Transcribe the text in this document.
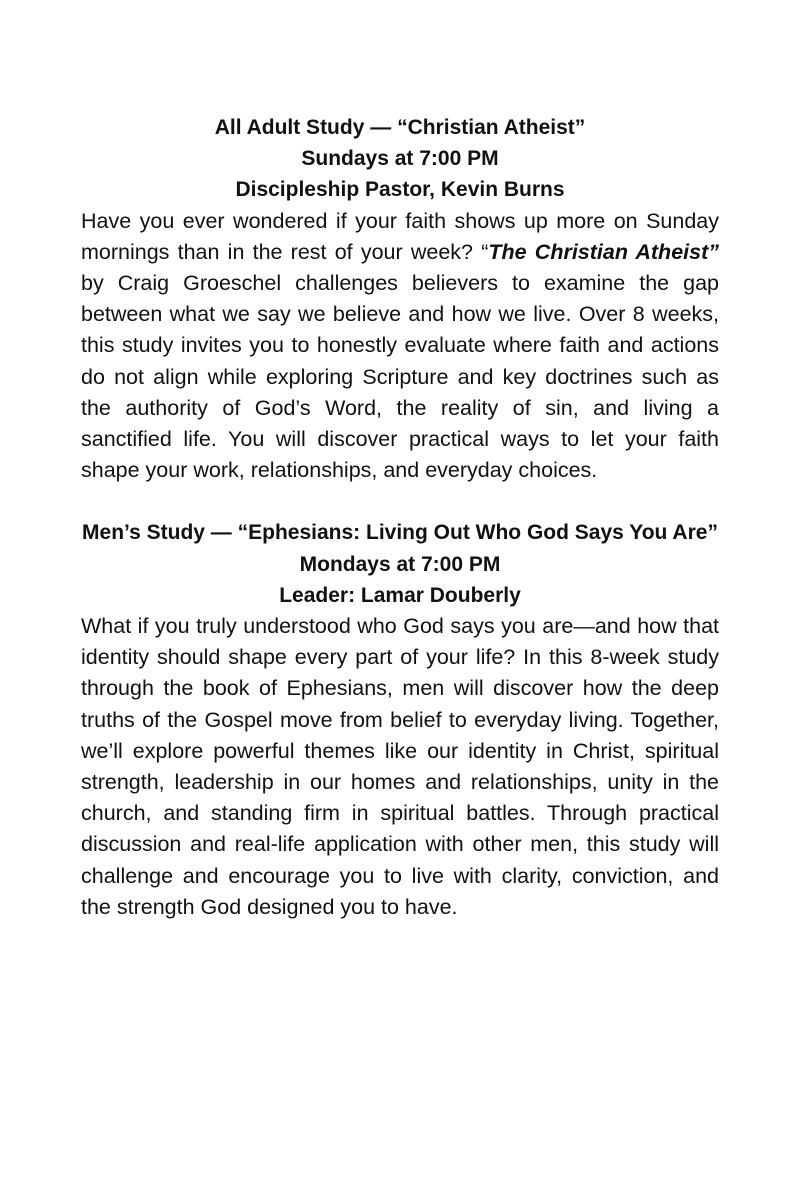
All Adult Study — “Christian Atheist”
Sundays at 7:00 PM
Discipleship Pastor, Kevin Burns

Have you ever wondered if your faith shows up more on Sunday mornings than in the rest of your week? “The Christian Atheist” by Craig Groeschel challenges believers to examine the gap between what we say we believe and how we live. Over 8 weeks, this study invites you to honestly evaluate where faith and actions do not align while exploring Scripture and key doctrines such as the authority of God’s Word, the reality of sin, and living a sanctified life. You will discover practical ways to let your faith shape your work, relationships, and everyday choices.

Men’s Study — “Ephesians: Living Out Who God Says You Are”
Mondays at 7:00 PM
Leader: Lamar Douberly

What if you truly understood who God says you are—and how that identity should shape every part of your life? In this 8-week study through the book of Ephesians, men will discover how the deep truths of the Gospel move from belief to everyday living. Together, we’ll explore powerful themes like our identity in Christ, spiritual strength, leadership in our homes and relationships, unity in the church, and standing firm in spiritual battles. Through practical discussion and real-life application with other men, this study will challenge and encourage you to live with clarity, conviction, and the strength God designed you to have.
